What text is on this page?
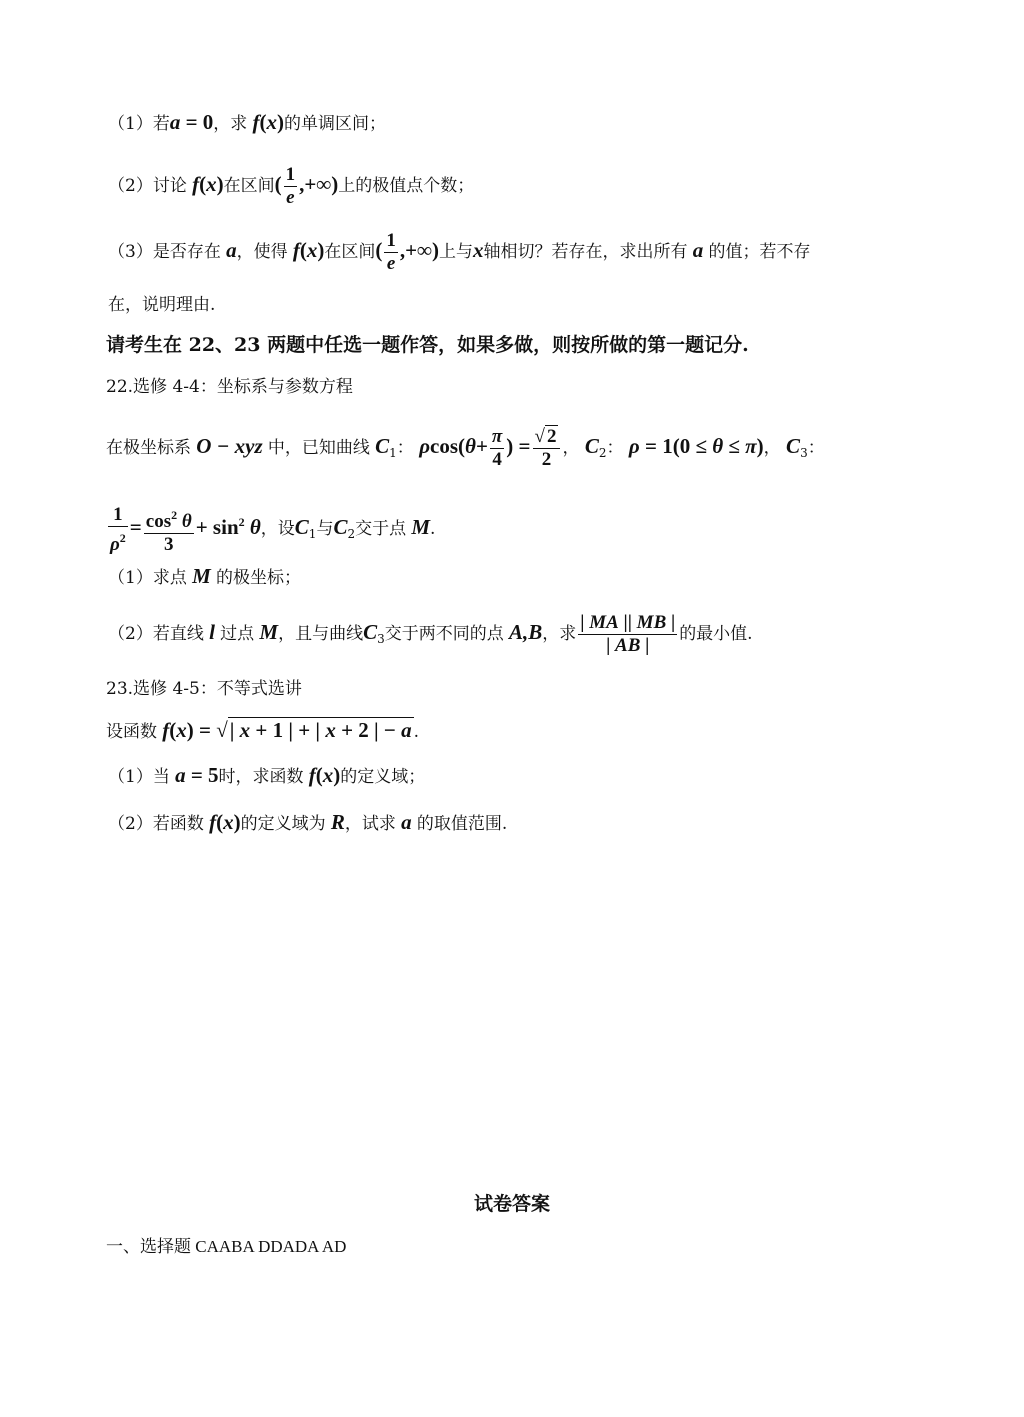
（1）若a = 0，求 f(x)的单调区间；
（2）讨论 f(x)在区间( $\frac{1}{e}$ ,+∞)上的极值点个数；
（3）是否存在 a，使得 f(x)在区间( $\frac{1}{e}$ ,+∞)上与x轴相切？若存在，求出所有 a 的值；若不存
在，说明理由.
请考生在 22、23 两题中任选一题作答，如果多做，则按所做的第一题记分.
22.选修 4-4：坐标系与参数方程
在极坐标系 O − xyz 中，已知曲线 $C_1$： $\rho\cos(\theta+ \frac{\pi}{4}$ ) = $\frac{√ 2}{2}$ ， $C_2$： ρ = 1(0 ≤ θ ≤ π)， $C_3$：
$\frac{1}{\rho^2} = \frac{\cos^2 \theta}{3} + \sin^2 \theta$，设$C_1$与$C_2$交于点 M.
（1）求点 M 的极坐标；
（2）若直线 l 过点 M，且与曲线$C_3$交于两不同的点 A,B，求 $\frac{| MA || MB |}{| AB |}$ 的最小值.
23.选修 4-5：不等式选讲
设函数 f(x) = √| x + 1 | + | x + 2 | − a .
（1）当 a = 5时，求函数 f(x)的定义域；
（2）若函数 f(x)的定义域为 R，试求 a 的取值范围.
试卷答案
一、选择题 CAABA DDADA AD
